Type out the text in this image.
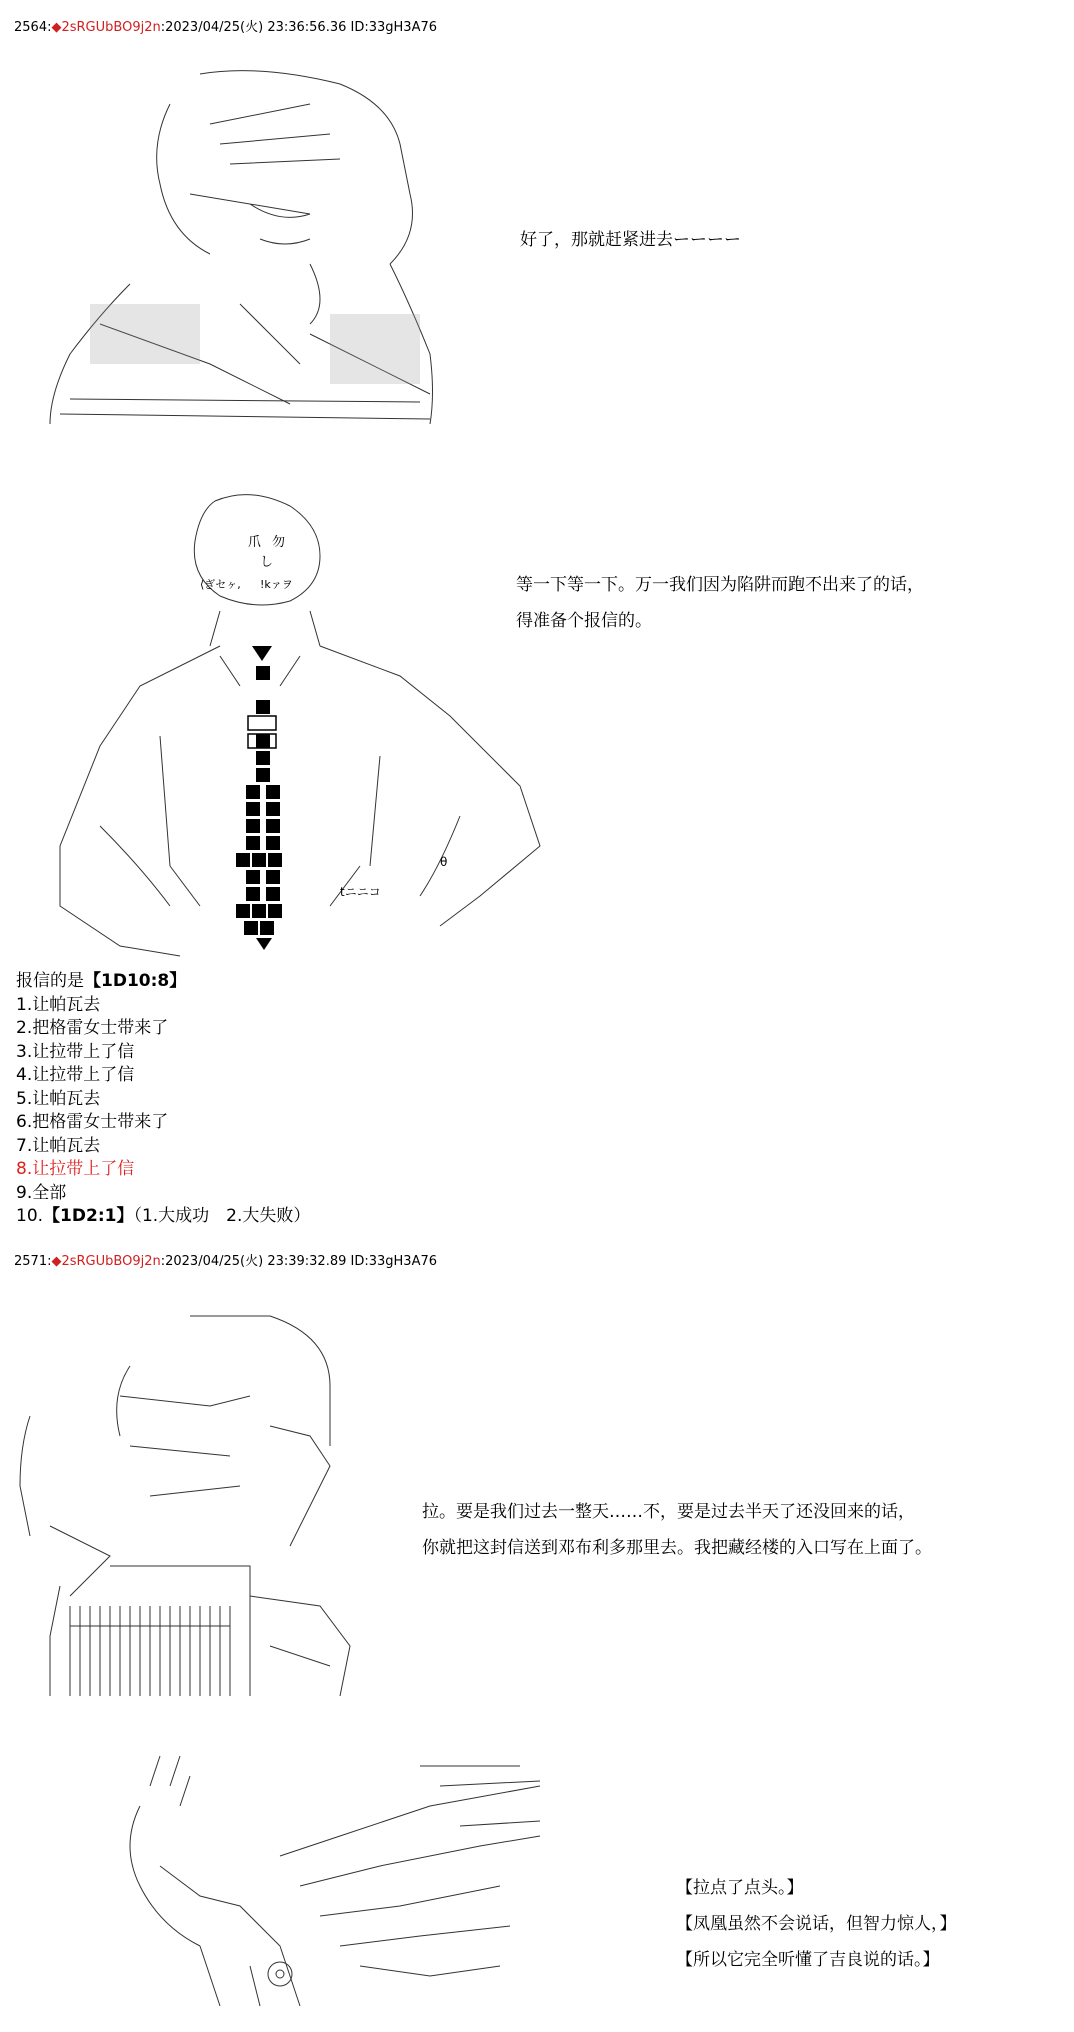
2564:◆2sRGUbBO9j2n:2023/04/25(火) 23:36:56.36 ID:33gH3A76

好了，那就赶紧进去ーーーー

爪 勿
し
⟨ぎセヶ, !kァヲ
tニニコ
θ

等一下等一下。万一我们因为陷阱而跑不出来了的话，
得准备个报信的。
报信的是【1D10:8】
1.让帕瓦去
2.把格雷女士带来了
3.让拉带上了信
4.让拉带上了信
5.让帕瓦去
6.把格雷女士带来了
7.让帕瓦去
8.让拉带上了信
9.全部
10.【1D2:1】（1.大成功　2.大失败）
2571:◆2sRGUbBO9j2n:2023/04/25(火) 23:39:32.89 ID:33gH3A76

拉。要是我们过去一整天……不，要是过去半天了还没回来的话，
你就把这封信送到邓布利多那里去。我把藏经楼的入口写在上面了。

【拉点了点头。】
【凤凰虽然不会说话，但智力惊人，】
【所以它完全听懂了吉良说的话。】
